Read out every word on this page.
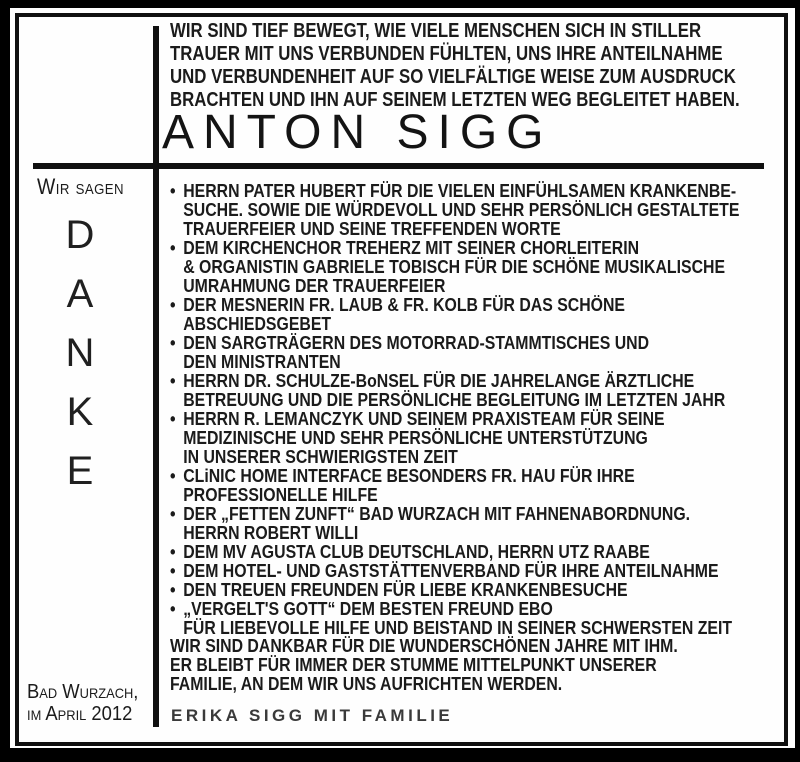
WIR SIND TIEF BEWEGT, WIE VIELE MENSCHEN SICH IN STILLER
TRAUER MIT UNS VERBUNDEN FÜHLTEN, UNS IHRE ANTEILNAHME
UND VERBUNDENHEIT AUF SO VIELFÄLTIGE WEISE ZUM AUSDRUCK
BRACHTEN UND IHN AUF SEINEM LETZTEN WEG BEGLEITET HABEN.
ANTON SIGG
Wir sagen
D
A
N
K
E
Bad Wurzach,
im April 2012
• HERRN PATER HUBERT FÜR DIE VIELEN EINFÜHLSAMEN KRANKENBE-
SUCHE. SOWIE DIE WÜRDEVOLL UND SEHR PERSÖNLICH GESTALTETE
TRAUERFEIER UND SEINE TREFFENDEN WORTE
• DEM KIRCHENCHOR TREHERZ MIT SEINER CHORLEITERIN
& ORGANISTIN GABRIELE TOBISCH FÜR DIE SCHÖNE MUSIKALISCHE
UMRAHMUNG DER TRAUERFEIER
• DER MESNERIN FR. LAUB & FR. KOLB FÜR DAS SCHÖNE
ABSCHIEDSGEBET
• DEN SARGTRÄGERN DES MOTORRAD-STAMMTISCHES UND
DEN MINISTRANTEN
• HERRN DR. SCHULZE-BoNSEL FÜR DIE JAHRELANGE ÄRZTLICHE
BETREUUNG UND DIE PERSÖNLICHE BEGLEITUNG IM LETZTEN JAHR
• HERRN R. LEMANCZYK UND SEINEM PRAXISTEAM FÜR SEINE
MEDIZINISCHE UND SEHR PERSÖNLICHE UNTERSTÜTZUNG
IN UNSERER SCHWIERIGSTEN ZEIT
• CLiNIC HOME INTERFACE BESONDERS FR. HAU FÜR IHRE
PROFESSIONELLE HILFE
• DER „FETTEN ZUNFT“ BAD WURZACH MIT FAHNENABORDNUNG.
HERRN ROBERT WILLI
• DEM MV AGUSTA CLUB DEUTSCHLAND, HERRN UTZ RAABE
• DEM HOTEL- UND GASTSTÄTTENVERBAND FÜR IHRE ANTEILNAHME
• DEN TREUEN FREUNDEN FÜR LIEBE KRANKENBESUCHE
• „VERGELT'S GOTT“ DEM BESTEN FREUND EBO
FÜR LIEBEVOLLE HILFE UND BEISTAND IN SEINER SCHWERSTEN ZEIT
WIR SIND DANKBAR FÜR DIE WUNDERSCHÖNEN JAHRE MIT IHM.
ER BLEIBT FÜR IMMER DER STUMME MITTELPUNKT UNSERER
FAMILIE, AN DEM WIR UNS AUFRICHTEN WERDEN.
ERIKA SIGG MIT FAMILIE
